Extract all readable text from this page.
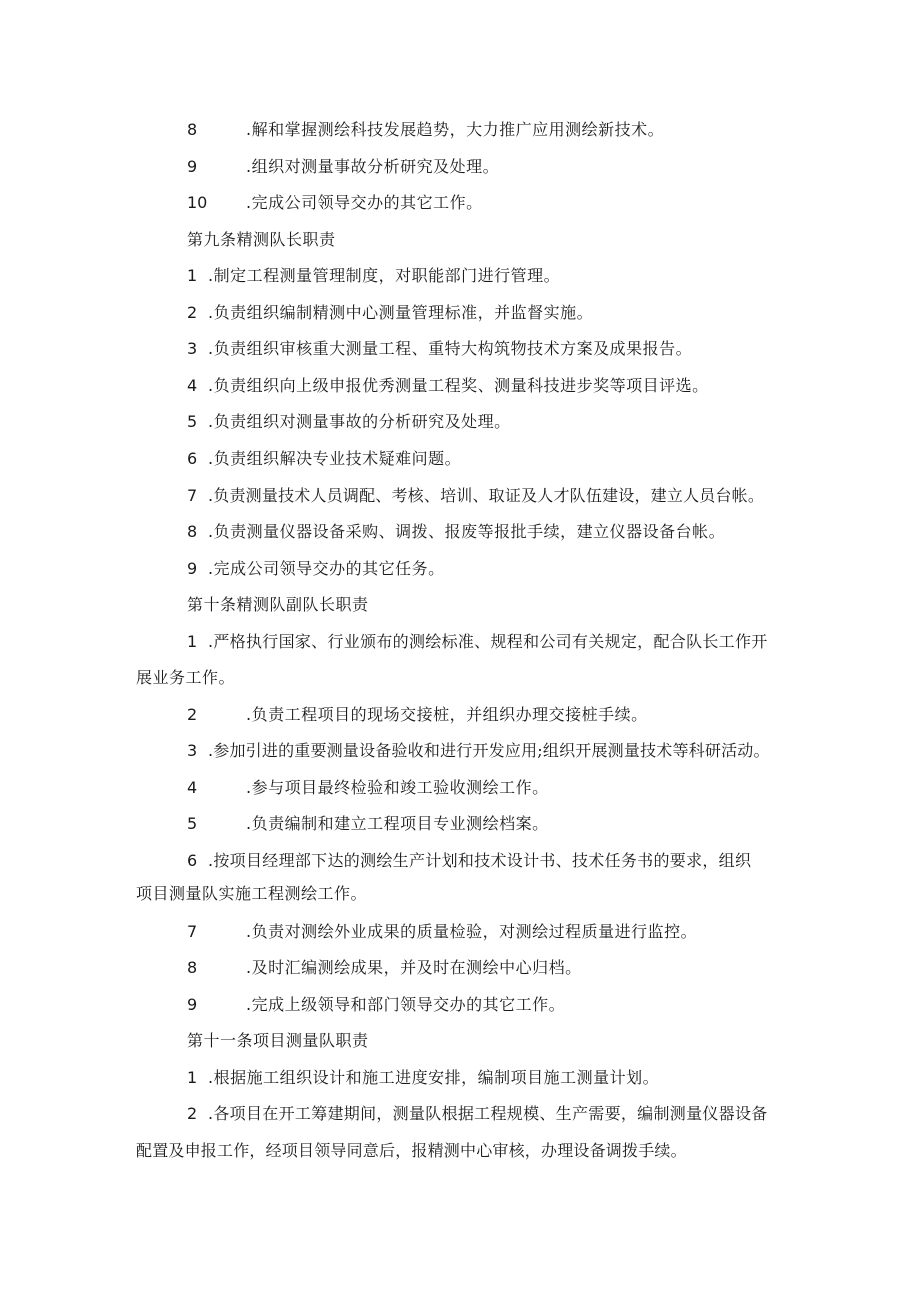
8	.解和掌握测绘科技发展趋势，大力推广应用测绘新技术。
9	.组织对测量事故分析研究及处理。
10 .完成公司领导交办的其它工作。
第九条精测队长职责
1 .制定工程测量管理制度，对职能部门进行管理。
2 .负责组织编制精测中心测量管理标准，并监督实施。
3 .负责组织审核重大测量工程、重特大构筑物技术方案及成果报告。
4 .负责组织向上级申报优秀测量工程奖、测量科技进步奖等项目评选。
5 .负责组织对测量事故的分析研究及处理。
6 .负责组织解决专业技术疑难问题。
7 .负责测量技术人员调配、考核、培训、取证及人才队伍建设，建立人员台帐。
8 .负责测量仪器设备采购、调拨、报废等报批手续，建立仪器设备台帐。
9 .完成公司领导交办的其它任务。
第十条精测队副队长职责
1 .严格执行国家、行业颁布的测绘标准、规程和公司有关规定，配合队长工作开
展业务工作。
2	.负责工程项目的现场交接桩，并组织办理交接桩手续。
3 .参加引进的重要测量设备验收和进行开发应用;组织开展测量技术等科研活动。
4	.参与项目最终检验和竣工验收测绘工作。
5	.负责编制和建立工程项目专业测绘档案。
6 .按项目经理部下达的测绘生产计划和技术设计书、技术任务书的要求，组织
项目测量队实施工程测绘工作。
7	.负责对测绘外业成果的质量检验，对测绘过程质量进行监控。
8	.及时汇编测绘成果，并及时在测绘中心归档。
9	.完成上级领导和部门领导交办的其它工作。
第十一条项目测量队职责
1 .根据施工组织设计和施工进度安排，编制项目施工测量计划。
2 .各项目在开工筹建期间，测量队根据工程规模、生产需要，编制测量仪器设备
配置及申报工作，经项目领导同意后，报精测中心审核，办理设备调拨手续。
